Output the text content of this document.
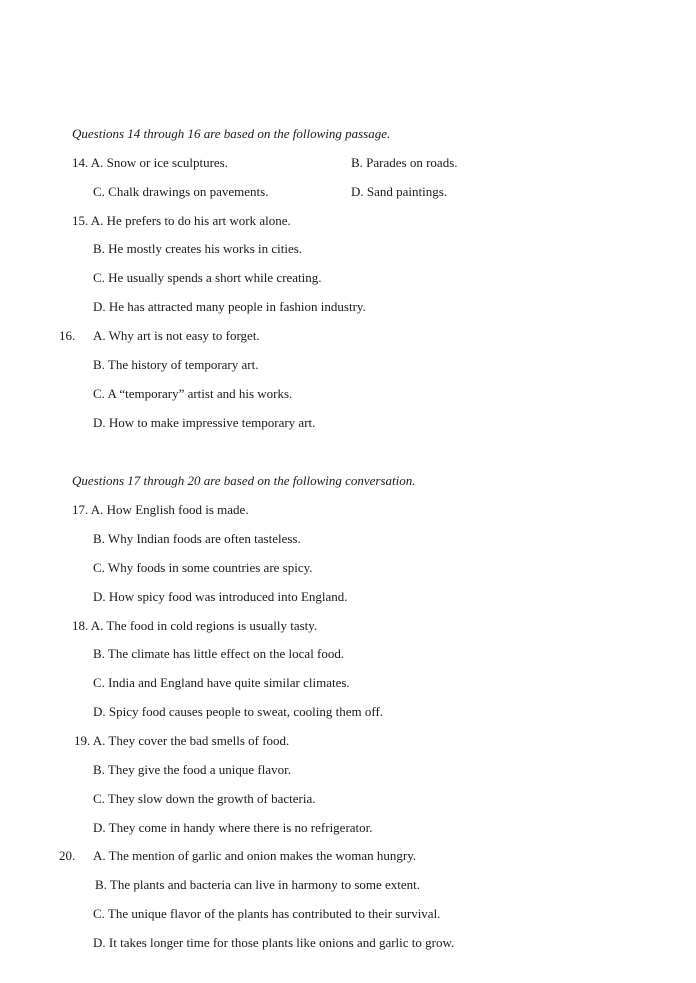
Questions 14 through 16 are based on the following passage.
14. A. Snow or ice sculptures.	B. Parades on roads.
C. Chalk drawings on pavements.	D. Sand paintings.
15. A. He prefers to do his art work alone.
B. He mostly creates his works in cities.
C. He usually spends a short while creating.
D. He has attracted many people in fashion industry.
16. A. Why art is not easy to forget.
B. The history of temporary art.
C. A “temporary” artist and his works.
D. How to make impressive temporary art.
Questions 17 through 20 are based on the following conversation.
17. A. How English food is made.
B. Why Indian foods are often tasteless.
C. Why foods in some countries are spicy.
D. How spicy food was introduced into England.
18. A. The food in cold regions is usually tasty.
B. The climate has little effect on the local food.
C. India and England have quite similar climates.
D. Spicy food causes people to sweat, cooling them off.
19. A. They cover the bad smells of food.
B. They give the food a unique flavor.
C. They slow down the growth of bacteria.
D. They come in handy where there is no refrigerator.
20. A. The mention of garlic and onion makes the woman hungry.
B. The plants and bacteria can live in harmony to some extent.
C. The unique flavor of the plants has contributed to their survival.
D. It takes longer time for those plants like onions and garlic to grow.
